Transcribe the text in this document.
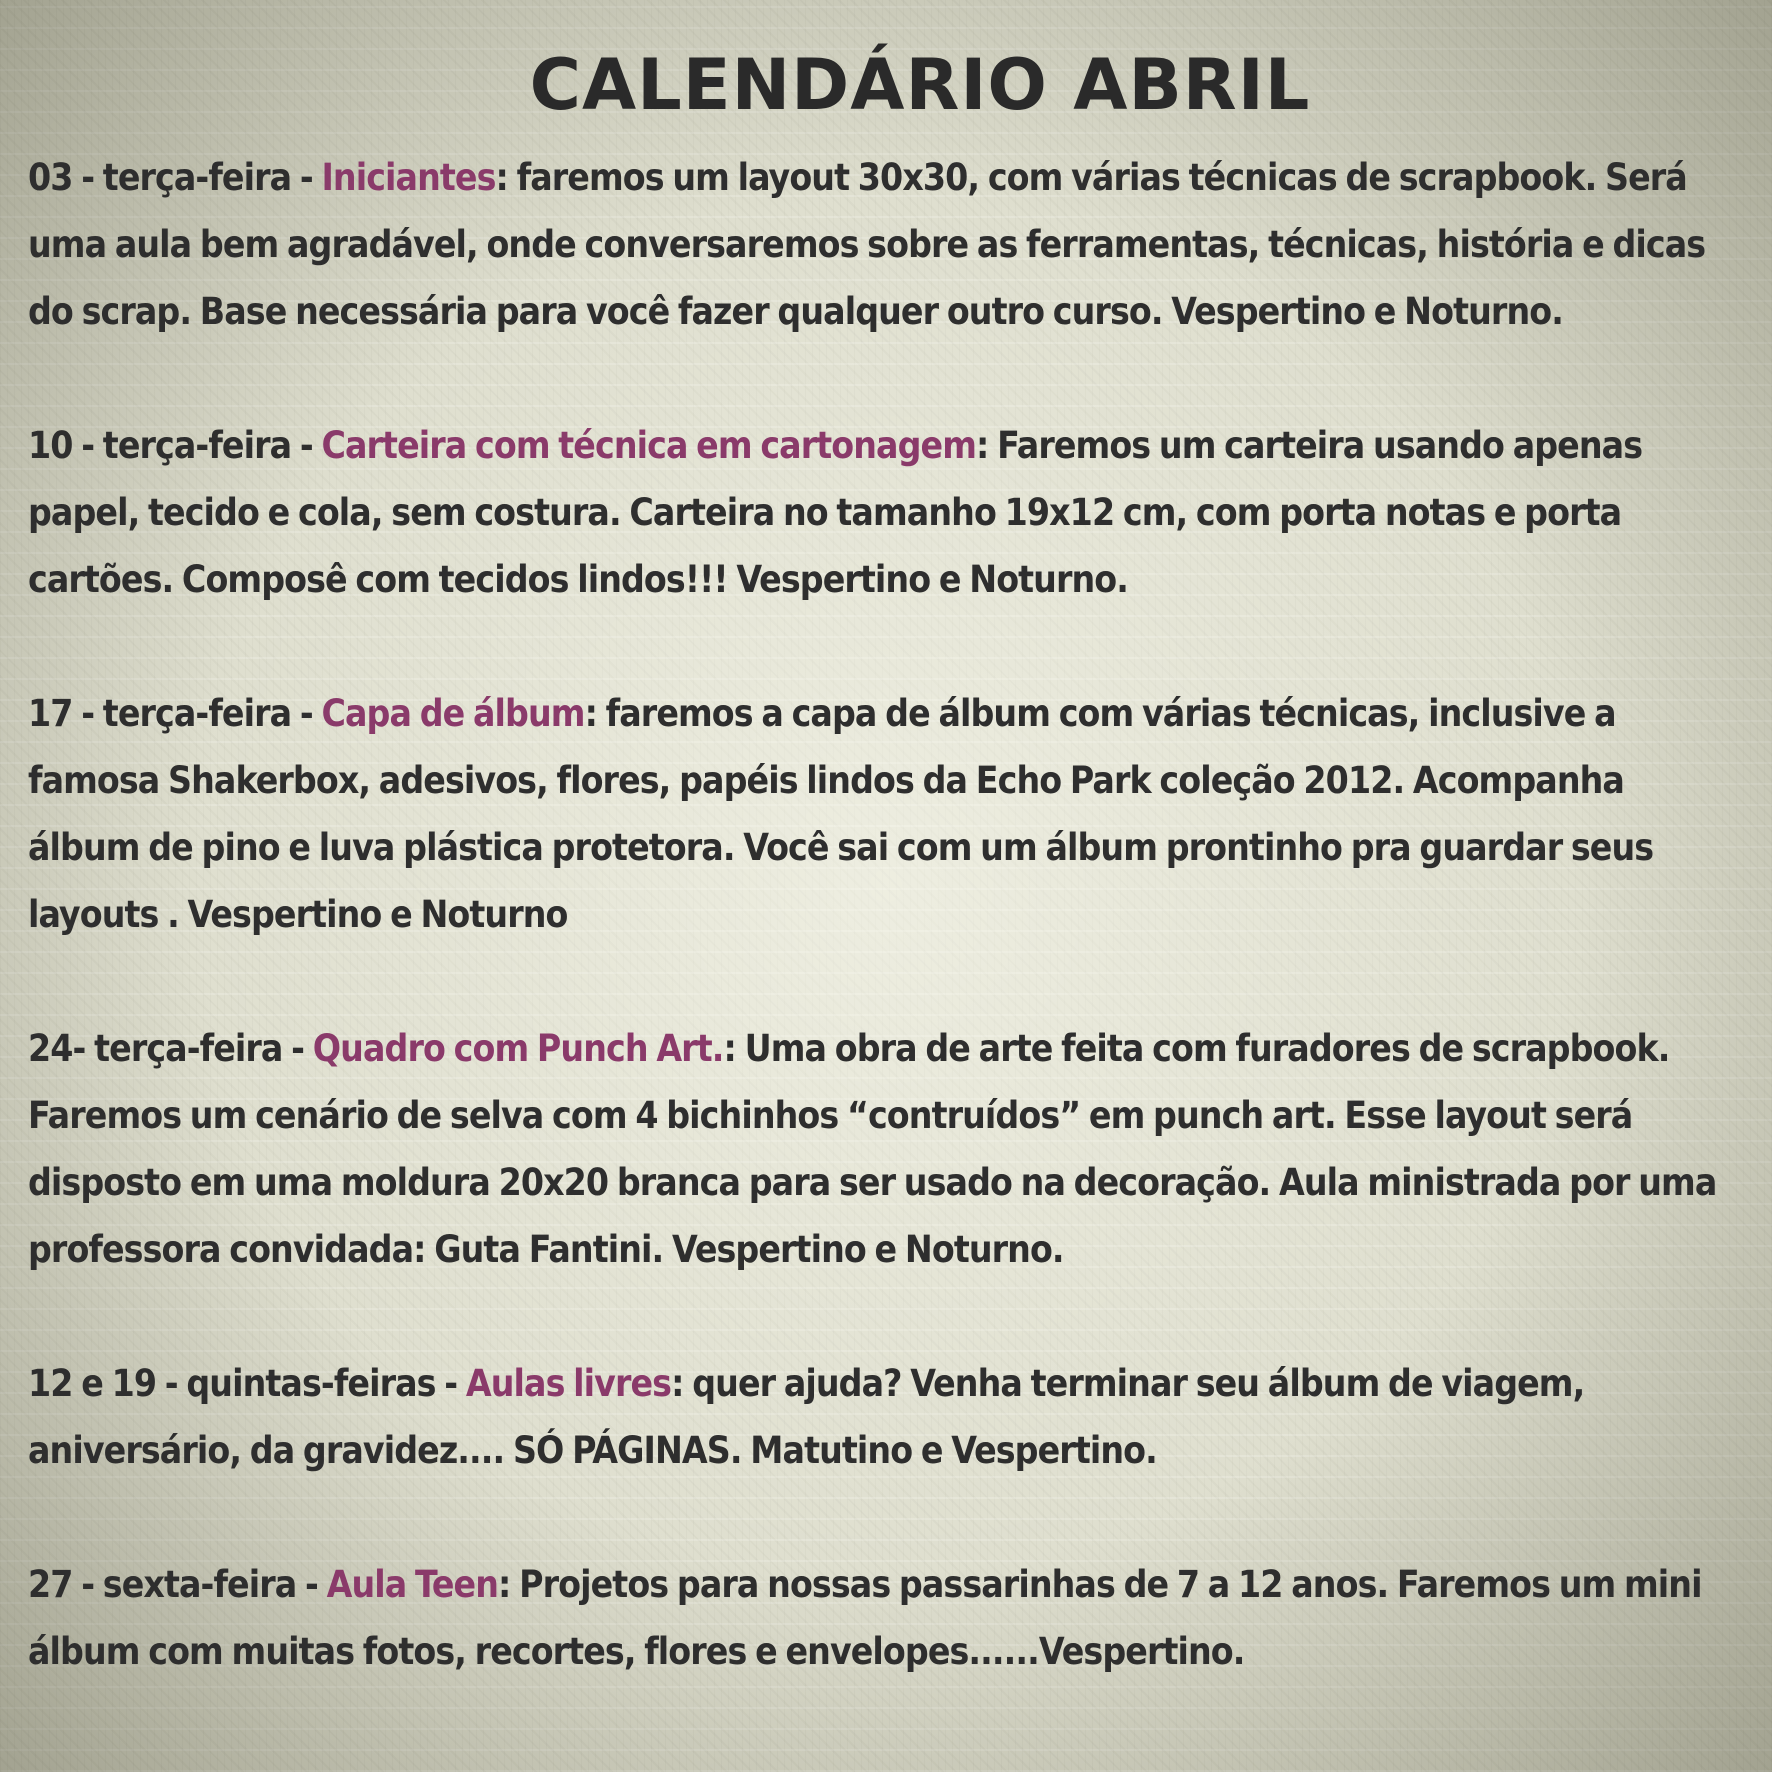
CALENDÁRIO ABRIL
03 - terça-feira - Iniciantes: faremos um layout 30x30, com várias técnicas de scrapbook. Será uma aula bem agradável, onde conversaremos sobre as ferramentas, técnicas, história e dicas do scrap. Base necessária para você fazer qualquer outro curso. Vespertino e Noturno.
10 - terça-feira - Carteira com técnica em cartonagem: Faremos um carteira usando apenas papel, tecido e cola, sem costura. Carteira no tamanho 19x12 cm, com porta notas e porta cartões. Composê com tecidos lindos!!! Vespertino e Noturno.
17 - terça-feira - Capa de álbum: faremos a capa de álbum com várias técnicas, inclusive a famosa Shakerbox, adesivos, flores, papéis lindos da Echo Park coleção 2012. Acompanha álbum de pino e luva plástica protetora. Você sai com um álbum prontinho pra guardar seus layouts . Vespertino e Noturno
24- terça-feira - Quadro com Punch Art.: Uma obra de arte feita com furadores de scrapbook. Faremos um cenário de selva com 4 bichinhos “contruídos” em punch art. Esse layout será disposto em uma moldura 20x20 branca para ser usado na decoração. Aula ministrada por uma professora convidada: Guta Fantini. Vespertino e Noturno.
12 e 19 - quintas-feiras - Aulas livres: quer ajuda? Venha terminar seu álbum de viagem, aniversário, da gravidez.... SÓ PÁGINAS. Matutino e Vespertino.
27 - sexta-feira - Aula Teen: Projetos para nossas passarinhas de 7 a 12 anos. Faremos um mini álbum com muitas fotos, recortes, flores e envelopes......Vespertino.
